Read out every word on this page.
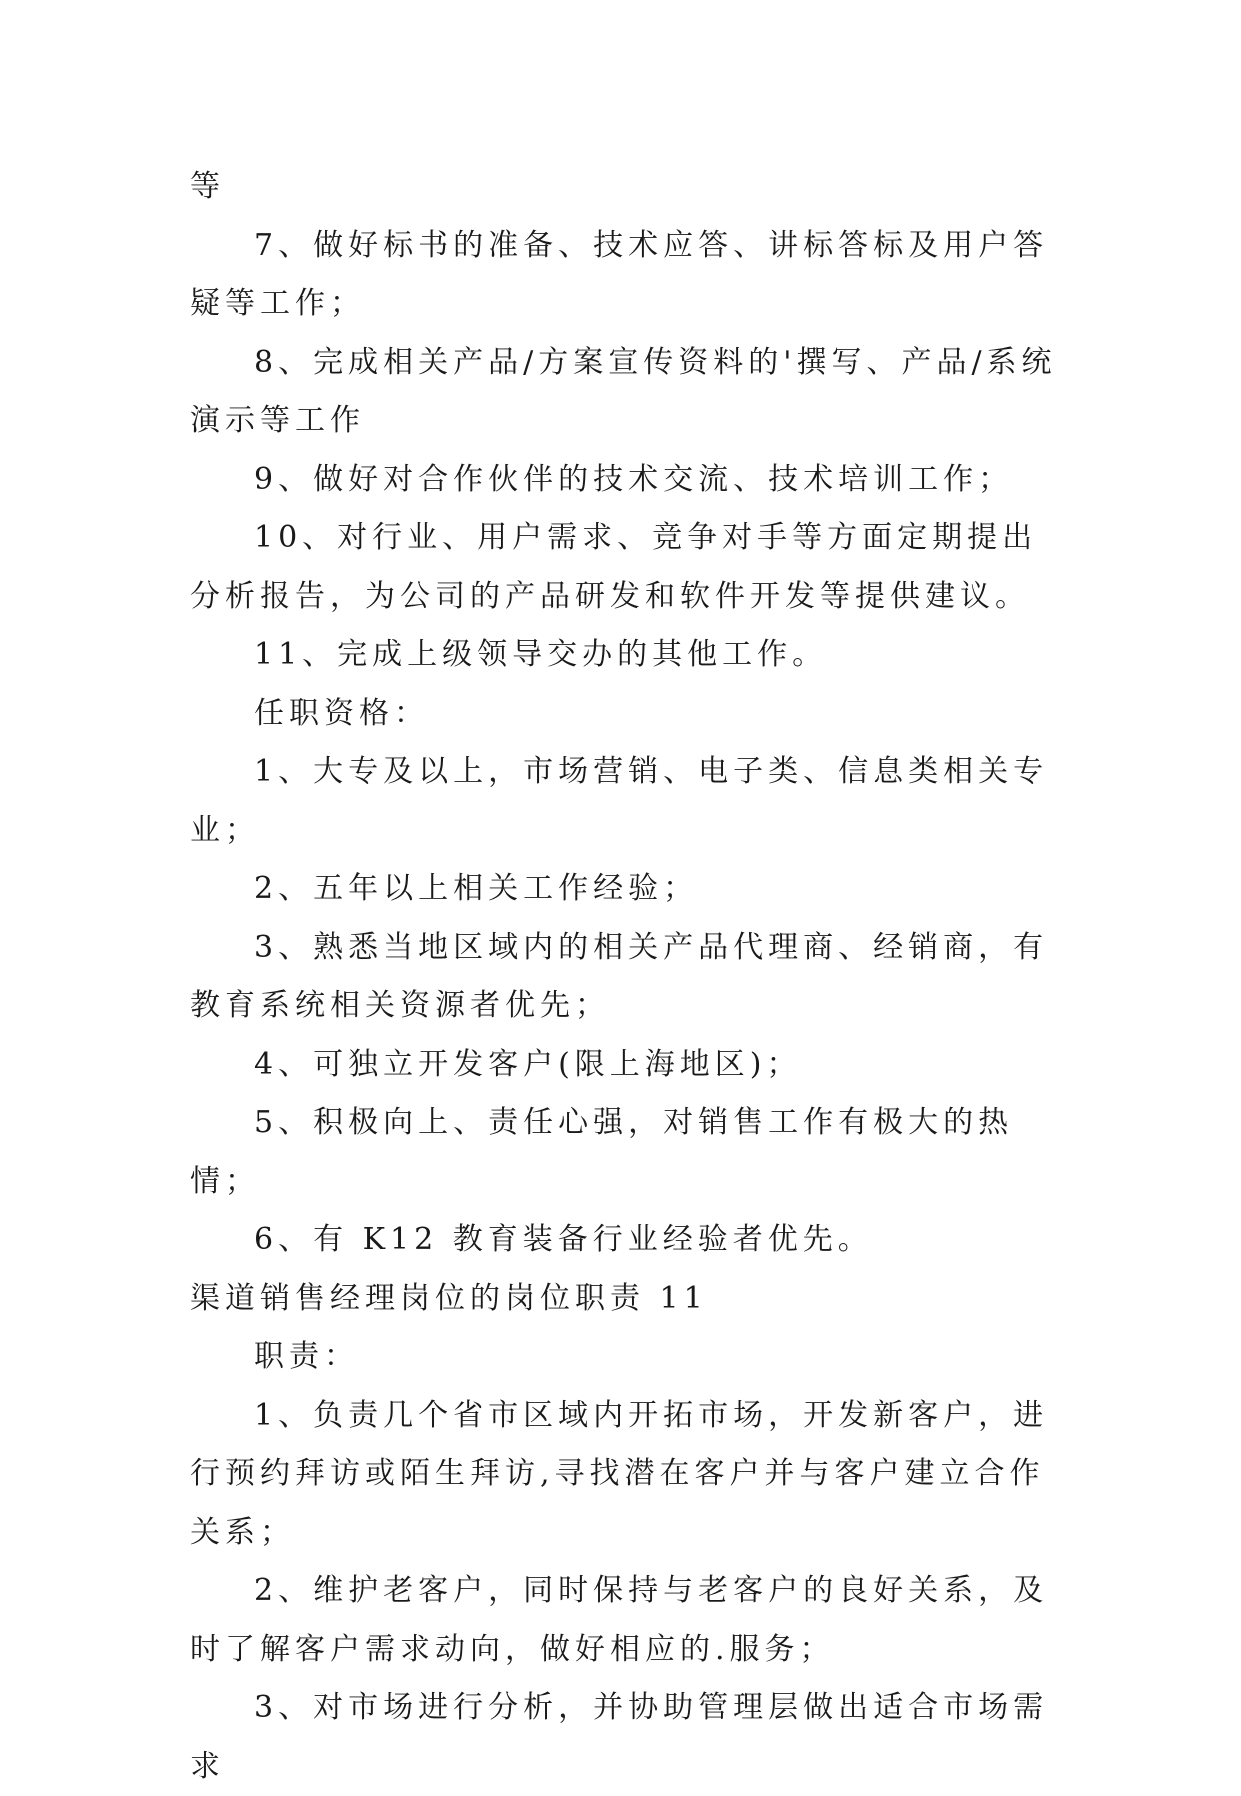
等

7、做好标书的准备、技术应答、讲标答标及用户答疑等工作；

8、完成相关产品/方案宣传资料的'撰写、产品/系统演示等工作

9、做好对合作伙伴的技术交流、技术培训工作；

10、对行业、用户需求、竞争对手等方面定期提出分析报告，为公司的产品研发和软件开发等提供建议。

11、完成上级领导交办的其他工作。

任职资格：

1、大专及以上，市场营销、电子类、信息类相关专业；

2、五年以上相关工作经验；

3、熟悉当地区域内的相关产品代理商、经销商，有教育系统相关资源者优先；

4、可独立开发客户(限上海地区)；

5、积极向上、责任心强，对销售工作有极大的热情；

6、有 K12 教育装备行业经验者优先。

渠道销售经理岗位的岗位职责 11

职责：

1、负责几个省市区域内开拓市场，开发新客户，进行预约拜访或陌生拜访,寻找潜在客户并与客户建立合作关系；

2、维护老客户，同时保持与老客户的良好关系，及时了解客户需求动向，做好相应的.服务；

3、对市场进行分析，并协助管理层做出适合市场需求
